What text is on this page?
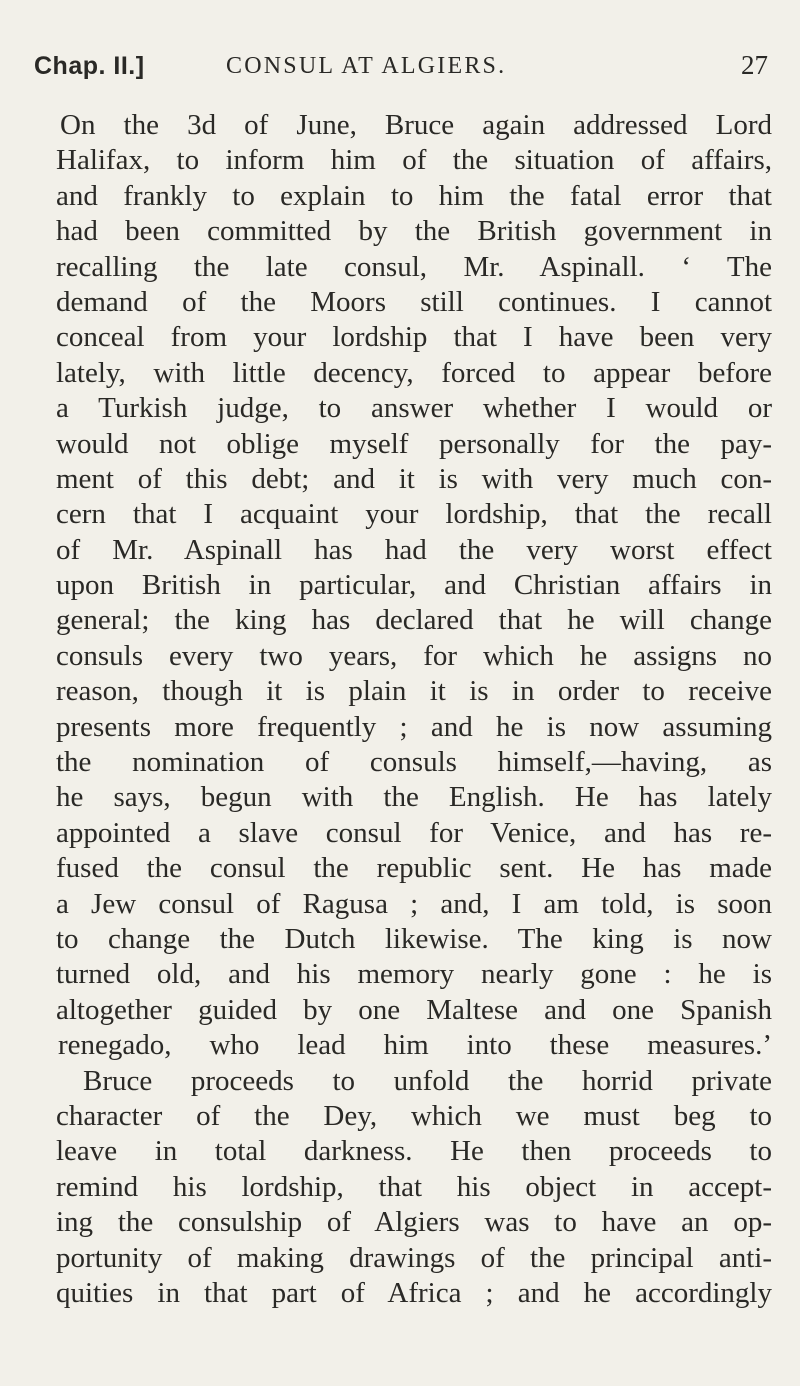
Chap. II.]	CONSUL AT ALGIERS.	27
On the 3d of June, Bruce again addressed Lord
Halifax, to inform him of the situation of affairs,
and frankly to explain to him the fatal error that
had been committed by the British government in
recalling the late consul, Mr. Aspinall. ‘ The
demand of the Moors still continues. I cannot
conceal from your lordship that I have been very
lately, with little decency, forced to appear before
a Turkish judge, to answer whether I would or
would not oblige myself personally for the pay-
ment of this debt; and it is with very much con-
cern that I acquaint your lordship, that the recall
of Mr. Aspinall has had the very worst effect
upon British in particular, and Christian affairs in
general; the king has declared that he will change
consuls every two years, for which he assigns no
reason, though it is plain it is in order to receive
presents more frequently ; and he is now assuming
the nomination of consuls himself,—having, as
he says, begun with the English. He has lately
appointed a slave consul for Venice, and has re-
fused the consul the republic sent. He has made
a Jew consul of Ragusa ; and, I am told, is soon
to change the Dutch likewise. The king is now
turned old, and his memory nearly gone : he is
altogether guided by one Maltese and one Spanish
renegado, who lead him into these measures.’
Bruce proceeds to unfold the horrid private
character of the Dey, which we must beg to
leave in total darkness. He then proceeds to
remind his lordship, that his object in accept-
ing the consulship of Algiers was to have an op-
portunity of making drawings of the principal anti-
quities in that part of Africa ; and he accordingly
